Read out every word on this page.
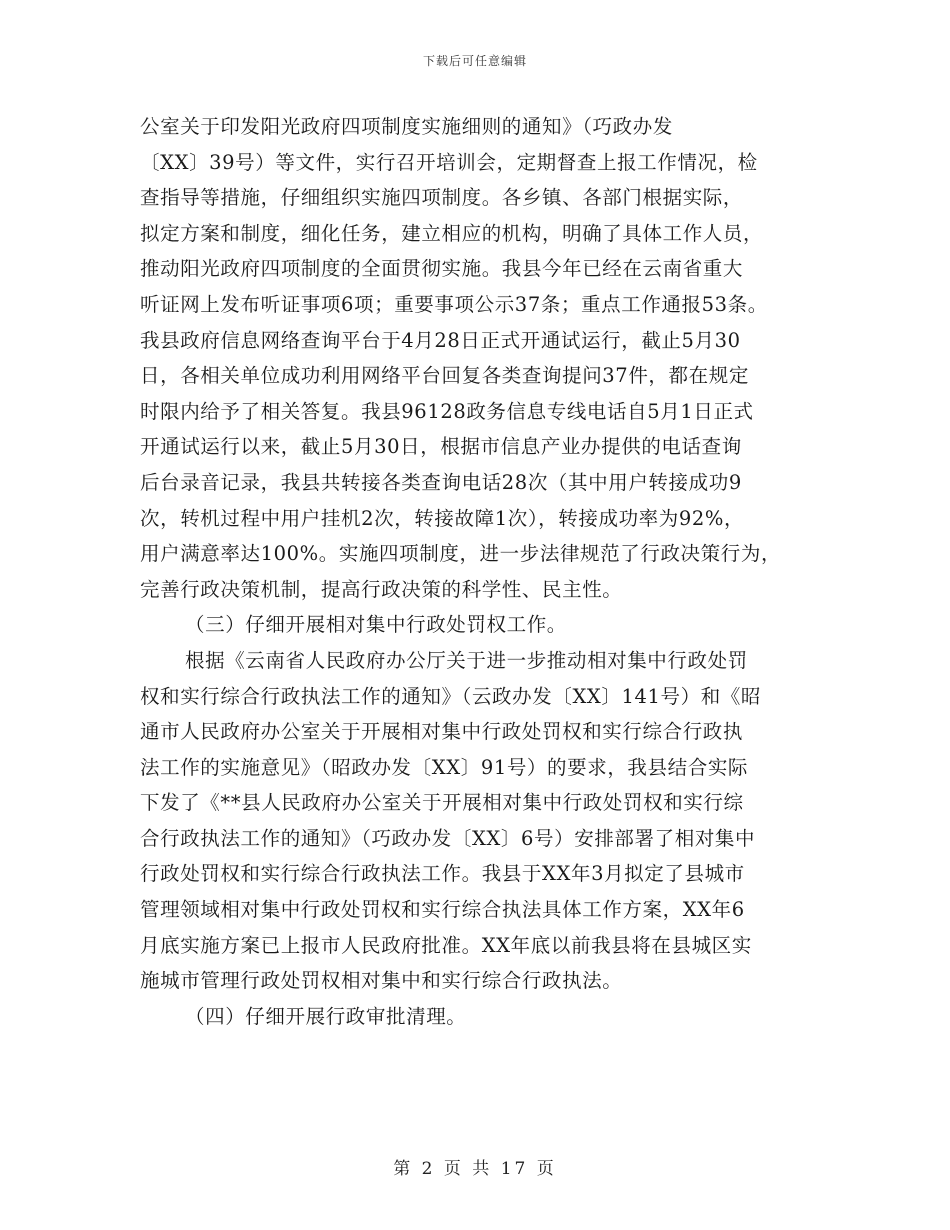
下载后可任意编辑
公室关于印发阳光政府四项制度实施细则的通知》（巧政办发
〔XX〕39号）等文件，实行召开培训会，定期督查上报工作情况，检
查指导等措施，仔细组织实施四项制度。各乡镇、各部门根据实际，
拟定方案和制度，细化任务，建立相应的机构，明确了具体工作人员，
推动阳光政府四项制度的全面贯彻实施。我县今年已经在云南省重大
听证网上发布听证事项6项；重要事项公示37条；重点工作通报53条。
我县政府信息网络查询平台于4月28日正式开通试运行，截止5月30
日，各相关单位成功利用网络平台回复各类查询提问37件，都在规定
时限内给予了相关答复。我县96128政务信息专线电话自5月1日正式
开通试运行以来，截止5月30日，根据市信息产业办提供的电话查询
后台录音记录，我县共转接各类查询电话28次（其中用户转接成功9
次，转机过程中用户挂机2次，转接故障1次），转接成功率为92%，
用户满意率达100%。实施四项制度，进一步法律规范了行政决策行为，
完善行政决策机制，提高行政决策的科学性、民主性。
（三）仔细开展相对集中行政处罚权工作。
根据《云南省人民政府办公厅关于进一步推动相对集中行政处罚
权和实行综合行政执法工作的通知》（云政办发〔XX〕141号）和《昭
通市人民政府办公室关于开展相对集中行政处罚权和实行综合行政执
法工作的实施意见》（昭政办发〔XX〕91号）的要求，我县结合实际
下发了《**县人民政府办公室关于开展相对集中行政处罚权和实行综
合行政执法工作的通知》（巧政办发〔XX〕6号）安排部署了相对集中
行政处罚权和实行综合行政执法工作。我县于XX年3月拟定了县城市
管理领域相对集中行政处罚权和实行综合执法具体工作方案，XX年6
月底实施方案已上报市人民政府批准。XX年底以前我县将在县城区实
施城市管理行政处罚权相对集中和实行综合行政执法。
（四）仔细开展行政审批清理。
第 2 页 共 17 页
